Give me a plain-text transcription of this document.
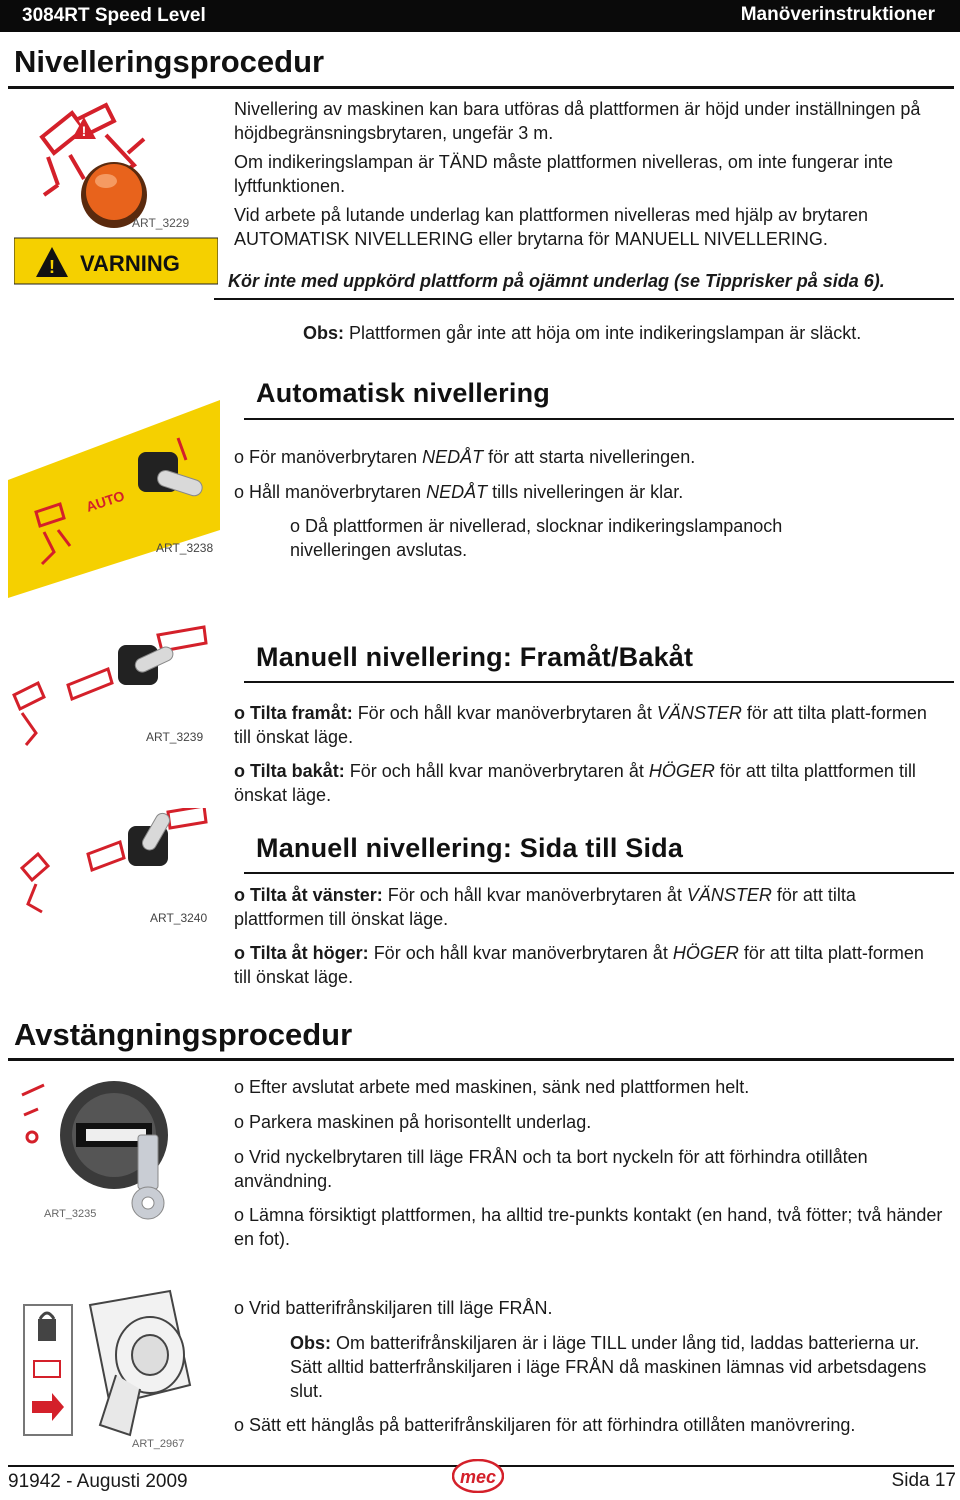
3084RT Speed Level	Manöverinstruktioner
Nivelleringsprocedur
!
ART_3229
! VARNING
Nivellering av maskinen kan bara utföras då plattformen är höjd under inställningen på höjdbegränsningsbrytaren, ungefär 3 m.
Om indikeringslampan är TÄND måste plattformen nivelleras, om inte fungerar inte lyftfunktionen.
Vid arbete på lutande underlag kan plattformen nivelleras med hjälp av brytaren AUTOMATISK NIVELLERING eller brytarna för MANUELL NIVELLERING.
Kör inte med uppkörd plattform på ojämnt underlag (se Tipprisker på sida 6).
Obs: Plattformen går inte att höja om inte indikeringslampan är släckt.
Automatisk nivellering
AUTO
ART_3238
o För manöverbrytaren NEDÅT för att starta nivelleringen.
o Håll manöverbrytaren NEDÅT tills nivelleringen är klar.
o Då plattformen är nivellerad, slocknar indikeringslampanoch nivelleringen avslutas.
Manuell nivellering: Framåt/Bakåt
ART_3239
o Tilta framåt: För och håll kvar manöverbrytaren åt VÄNSTER för att tilta platt-formen till önskat läge.
o Tilta bakåt: För och håll kvar manöverbrytaren åt HÖGER för att tilta plattformen till önskat läge.
Manuell nivellering: Sida till Sida
ART_3240
o Tilta åt vänster: För och håll kvar manöverbrytaren åt VÄNSTER för att tilta plattformen till önskat läge.
o Tilta åt höger: För och håll kvar manöverbrytaren åt HÖGER för att tilta platt-formen till önskat läge.
Avstängningsprocedur
ART_3235
o Efter avslutat arbete med maskinen, sänk ned plattformen helt.
o Parkera maskinen på horisontellt underlag.
o Vrid nyckelbrytaren till läge FRÅN och ta bort nyckeln för att förhindra otillåten användning.
o Lämna försiktigt plattformen, ha alltid tre-punkts kontakt (en hand, två fötter; två händer en fot).
ART_2967
o Vrid batterifrånskiljaren till läge FRÅN.
Obs: Om batterifrånskiljaren är i läge TILL under lång tid, laddas batterierna ur. Sätt alltid batterfrånskiljaren i läge FRÅN då maskinen lämnas vid arbetsdagens slut.
o Sätt ett hänglås på batterifrånskiljaren för att förhindra otillåten manövrering.
91942 - Augusti 2009	mec	Sida 17
